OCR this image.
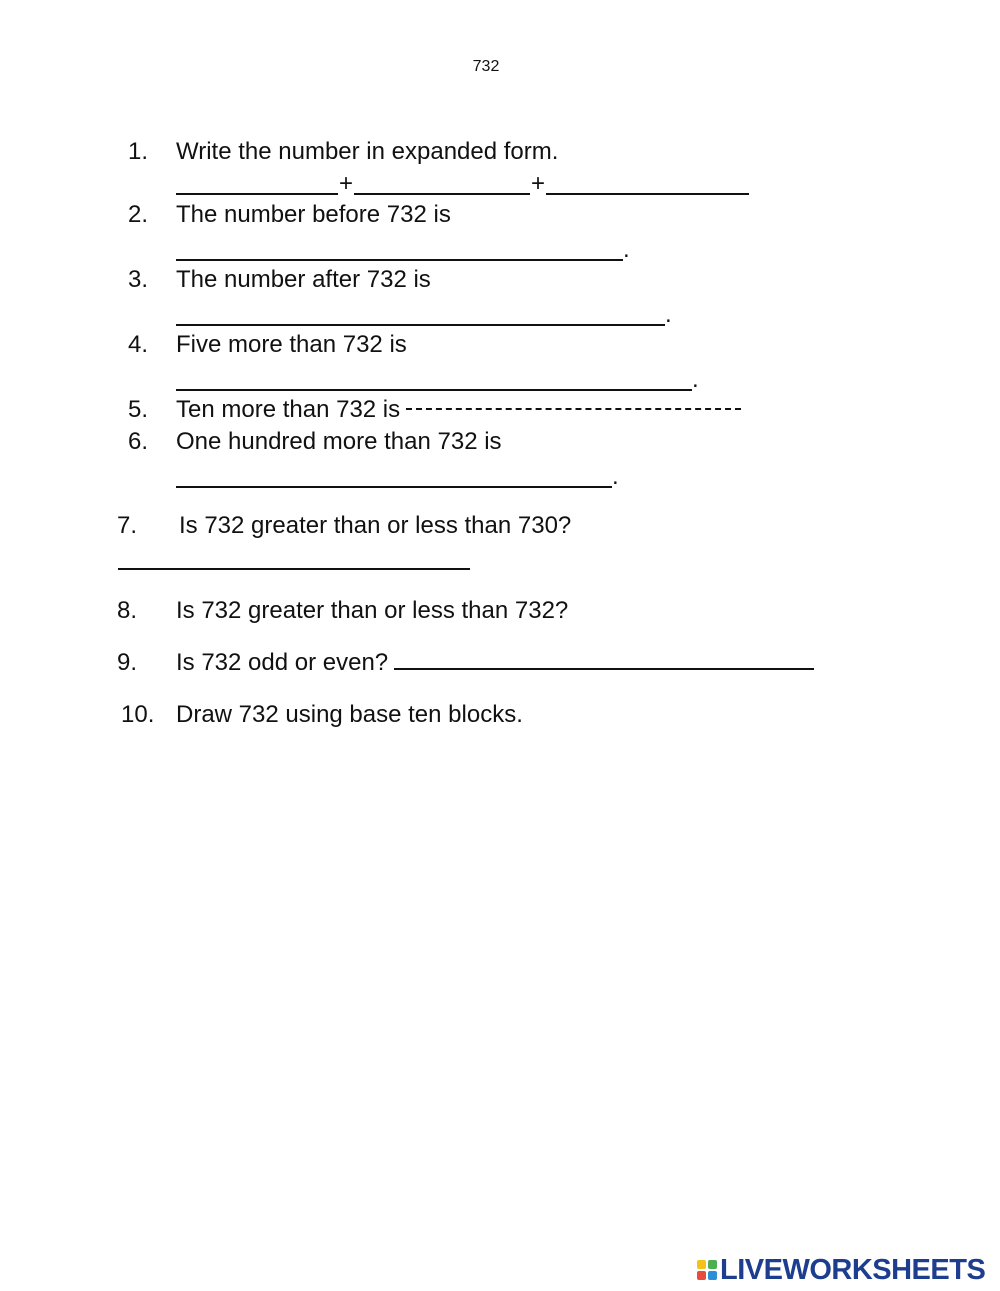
732
1. Write the number in expanded form.
+	+
2. The number before 732 is
.
3. The number after 732 is
.
4. Five more than 732 is
.
5. Ten more than 732 is
6. One hundred more than 732 is
.
7. Is 732 greater than or less than 730?
8. Is 732 greater than or less than 732?
9. Is 732 odd or even?
10. Draw 732 using base ten blocks.
LIVEWORKSHEETS
